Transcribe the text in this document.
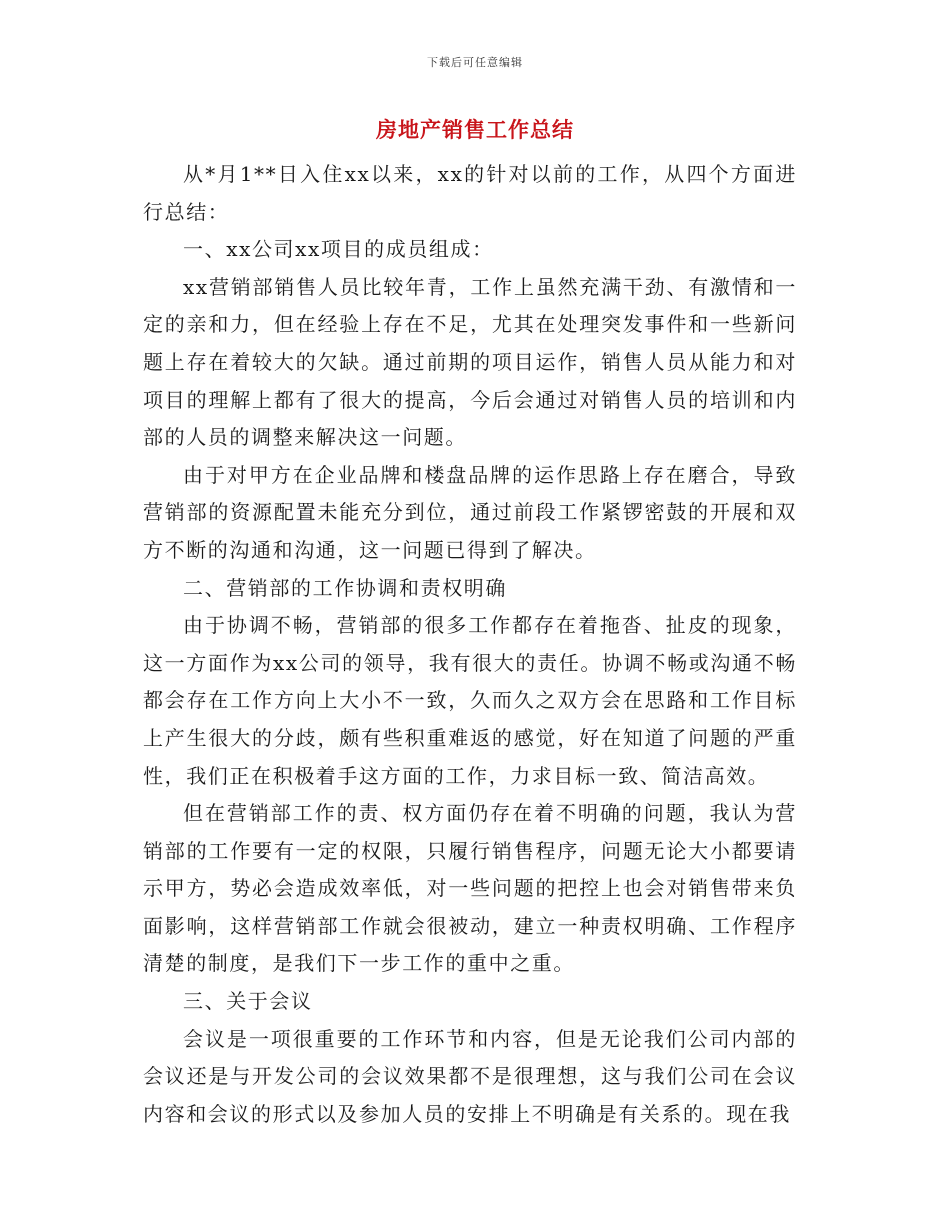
下载后可任意编辑
房地产销售工作总结

从*月1**日入住xx以来，xx的针对以前的工作，从四个方面进行总结：

一、xx公司xx项目的成员组成：

xx营销部销售人员比较年青，工作上虽然充满干劲、有激情和一定的亲和力，但在经验上存在不足，尤其在处理突发事件和一些新问题上存在着较大的欠缺。通过前期的项目运作，销售人员从能力和对项目的理解上都有了很大的提高，今后会通过对销售人员的培训和内部的人员的调整来解决这一问题。

由于对甲方在企业品牌和楼盘品牌的运作思路上存在磨合，导致营销部的资源配置未能充分到位，通过前段工作紧锣密鼓的开展和双方不断的沟通和沟通，这一问题已得到了解决。

二、营销部的工作协调和责权明确

由于协调不畅，营销部的很多工作都存在着拖沓、扯皮的现象，这一方面作为xx公司的领导，我有很大的责任。协调不畅或沟通不畅都会存在工作方向上大小不一致，久而久之双方会在思路和工作目标上产生很大的分歧，颇有些积重难返的感觉，好在知道了问题的严重性，我们正在积极着手这方面的工作，力求目标一致、简洁高效。

但在营销部工作的责、权方面仍存在着不明确的问题，我认为营销部的工作要有一定的权限，只履行销售程序，问题无论大小都要请示甲方，势必会造成效率低，对一些问题的把控上也会对销售带来负面影响，这样营销部工作就会很被动，建立一种责权明确、工作程序清楚的制度，是我们下一步工作的重中之重。

三、关于会议

会议是一项很重要的工作环节和内容，但是无论我们公司内部的会议还是与开发公司的会议效果都不是很理想，这与我们公司在会议内容和会议的形式以及参加人员的安排上不明确是有关系的。现在我
